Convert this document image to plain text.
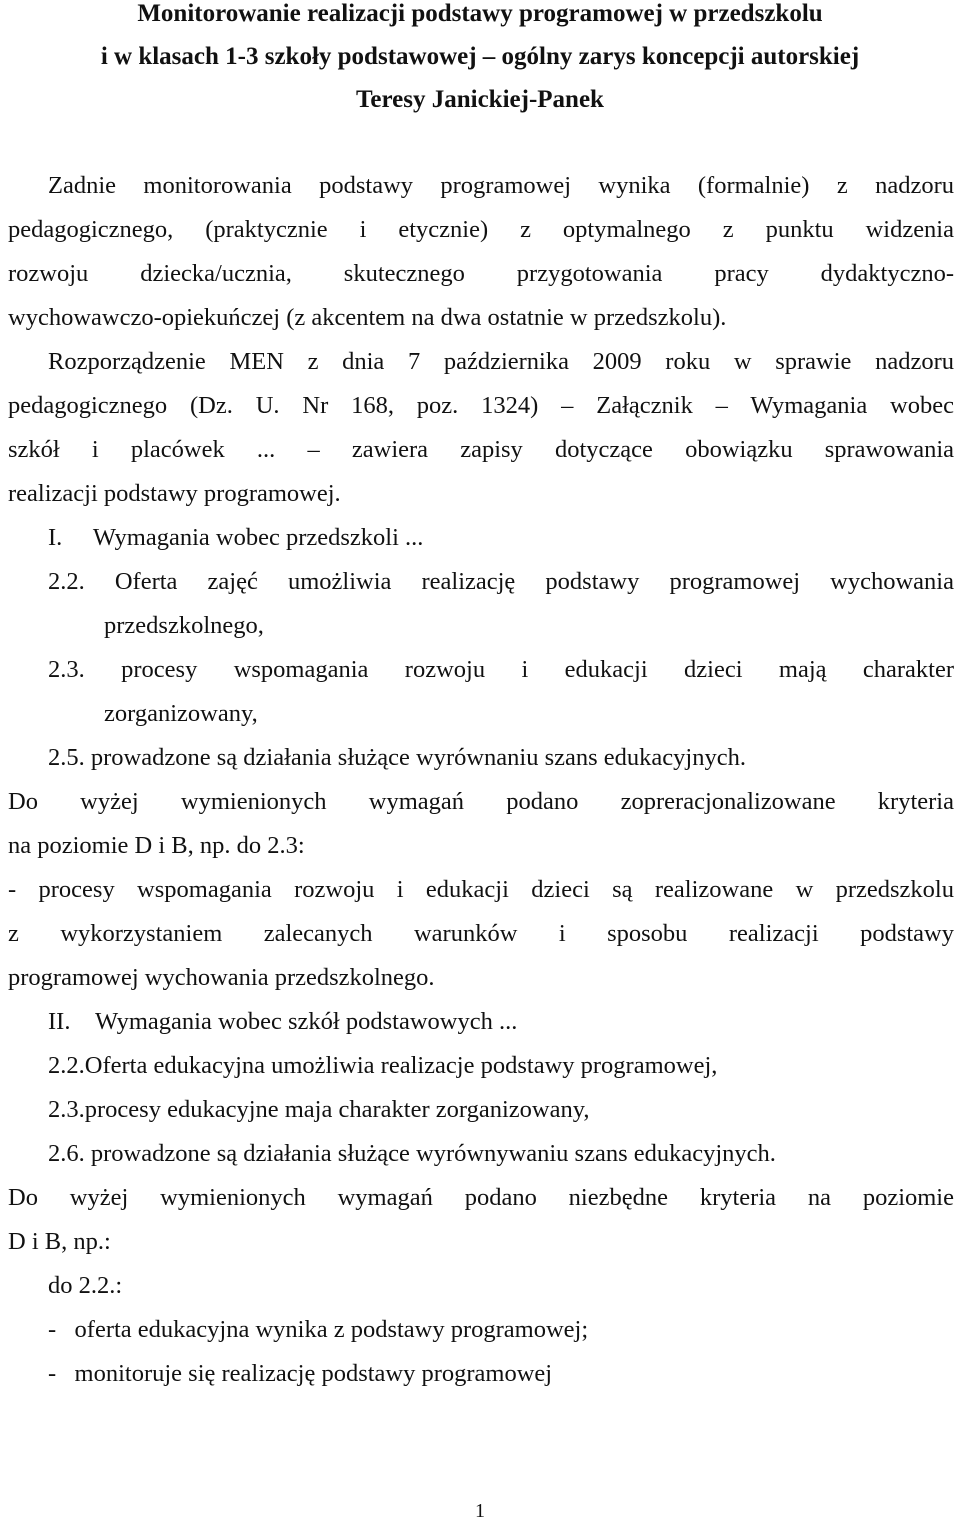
Monitorowanie realizacji podstawy programowej w przedszkolu
i w klasach 1-3 szkoły podstawowej – ogólny zarys koncepcji autorskiej
Teresy Janickiej-Panek
Zadnie monitorowania podstawy programowej wynika (formalnie) z nadzoru
pedagogicznego, (praktycznie i etycznie) z optymalnego z punktu widzenia
rozwoju dziecka/ucznia, skutecznego przygotowania pracy dydaktyczno-
wychowawczo-opiekuńczej (z akcentem na dwa ostatnie w przedszkolu).
Rozporządzenie MEN z dnia 7 października 2009 roku w sprawie nadzoru
pedagogicznego (Dz. U. Nr 168, poz. 1324) – Załącznik – Wymagania wobec
szkół i placówek ... – zawiera zapisy dotyczące obowiązku sprawowania
realizacji podstawy programowej.
I.     Wymagania wobec przedszkoli ...
2.2. Oferta zajęć umożliwia realizację podstawy programowej wychowania
przedszkolnego,
2.3. procesy wspomagania rozwoju i edukacji dzieci mają charakter
zorganizowany,
2.5. prowadzone są działania służące wyrównaniu szans edukacyjnych.
Do wyżej wymienionych wymagań podano zopreracjonalizowane kryteria
na poziomie D i B, np. do 2.3:
- procesy wspomagania rozwoju i edukacji dzieci są realizowane w przedszkolu
z wykorzystaniem zalecanych warunków i sposobu realizacji podstawy
programowej wychowania przedszkolnego.
II.    Wymagania wobec szkół podstawowych ...
2.2.Oferta edukacyjna umożliwia realizacje podstawy programowej,
2.3.procesy edukacyjne maja charakter zorganizowany,
2.6. prowadzone są działania służące wyrównywaniu szans edukacyjnych.
Do wyżej wymienionych wymagań podano niezbędne kryteria na poziomie
D i B, np.:
do 2.2.:
-   oferta edukacyjna wynika z podstawy programowej;
-   monitoruje się realizację podstawy programowej
1
